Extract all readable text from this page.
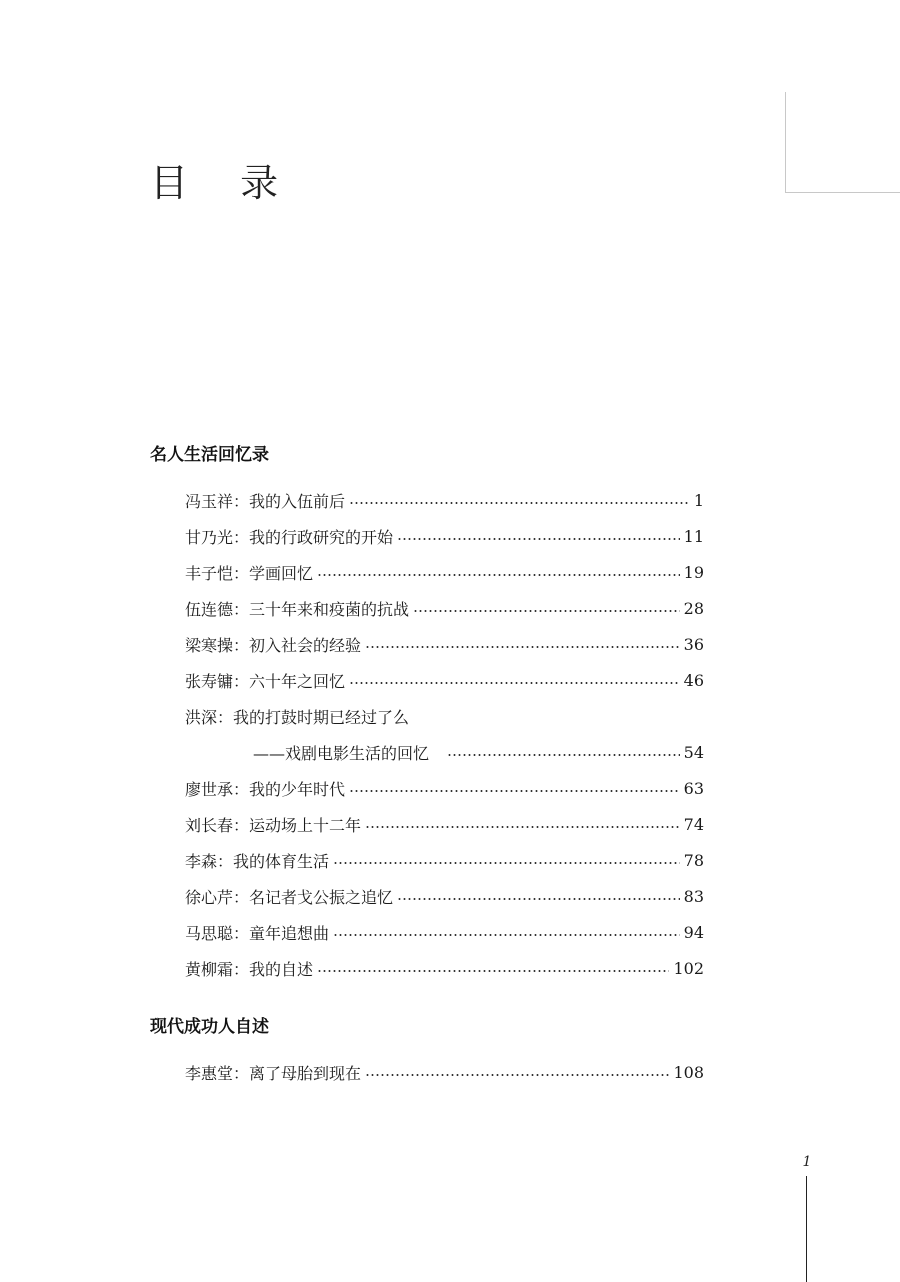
目 录
名人生活回忆录
冯玉祥：我的入伍前后	1
甘乃光：我的行政研究的开始	11
丰子恺：学画回忆	19
伍连德：三十年来和疫菌的抗战	28
梁寒操：初入社会的经验	36
张寿镛：六十年之回忆	46
洪深：我的打鼓时期已经过了么
——戏剧电影生活的回忆	54
廖世承：我的少年时代	63
刘长春：运动场上十二年	74
李森：我的体育生活	78
徐心芹：名记者戈公振之追忆	83
马思聪：童年追想曲	94
黄柳霜：我的自述	102
现代成功人自述
李惠堂：离了母胎到现在	108
1
